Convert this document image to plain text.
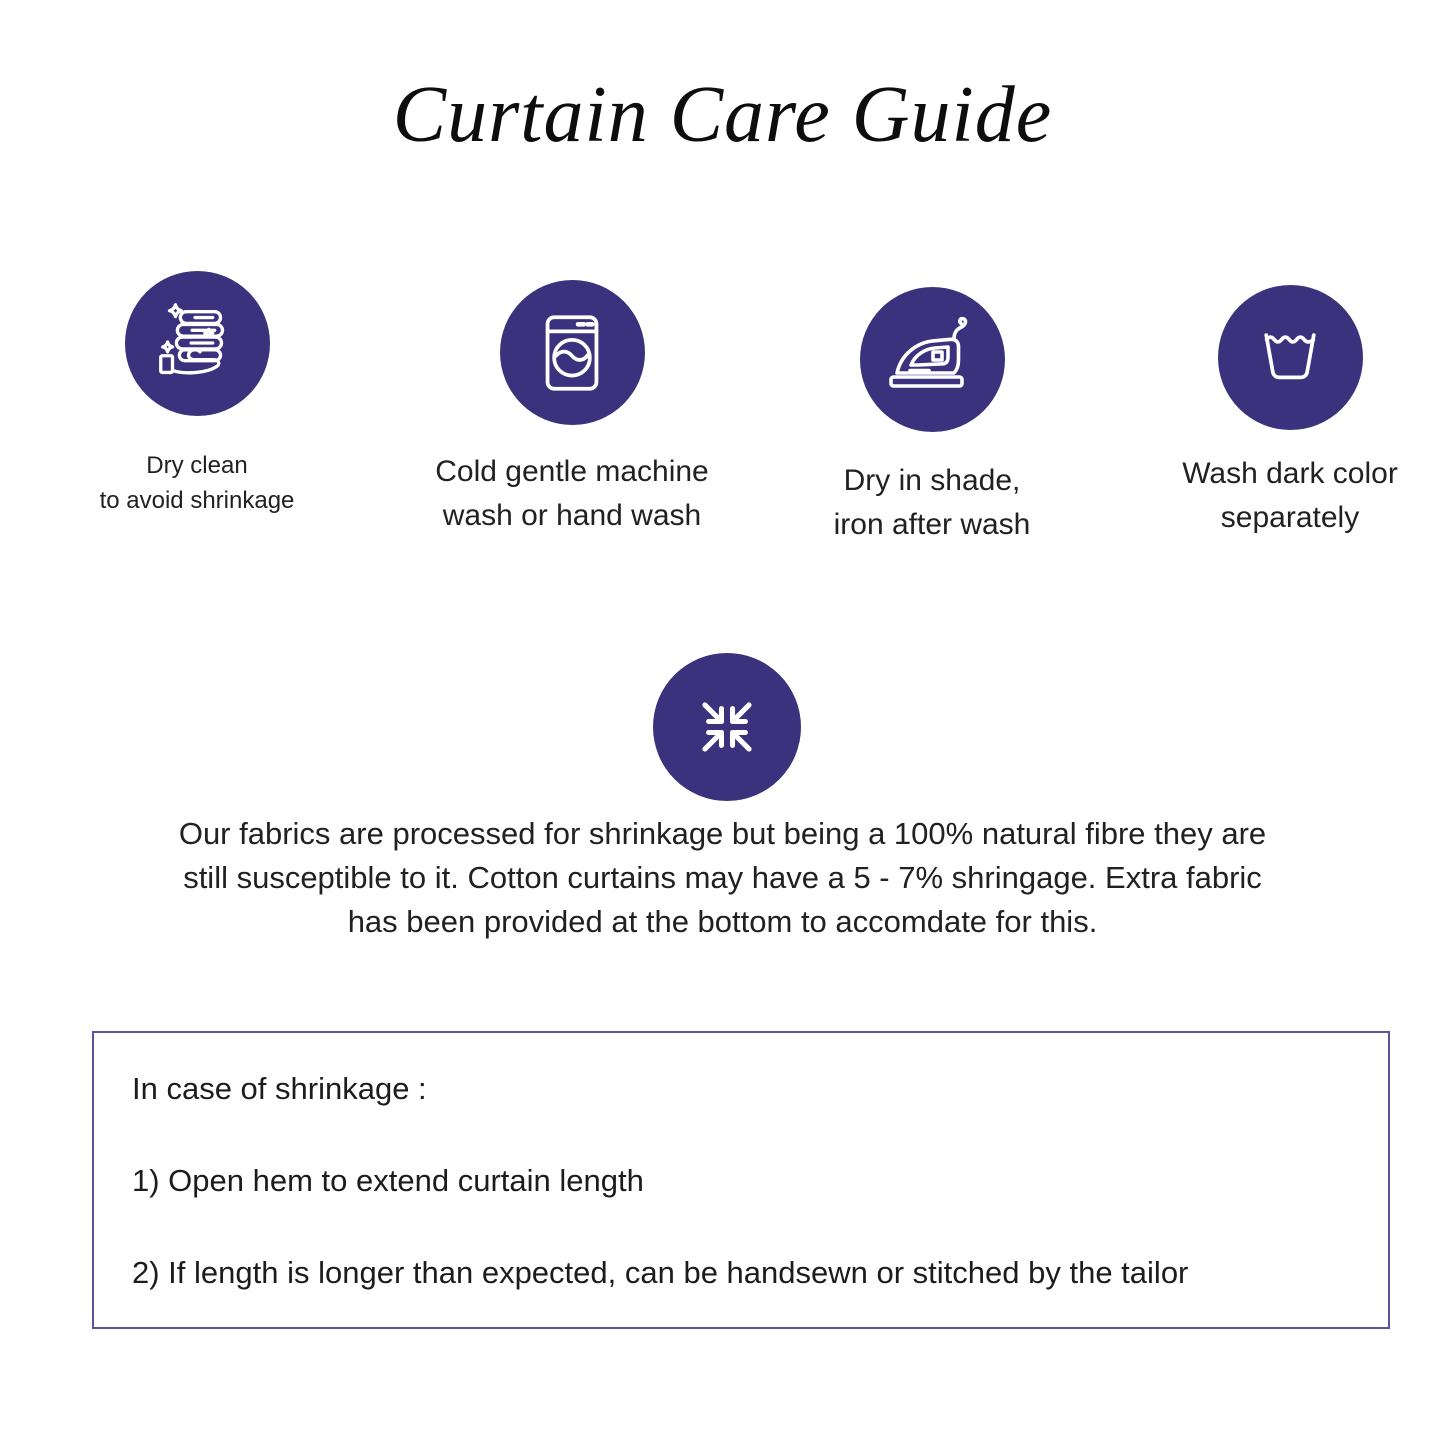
Curtain Care Guide
Dry clean
to avoid shrinkage
Cold gentle machine
wash or hand wash
Dry in shade,
iron after wash
Wash dark color
separately
Our fabrics are processed for shrinkage but being a 100% natural fibre they are
still susceptible to it. Cotton curtains may have a 5 - 7% shringage. Extra fabric
has been provided at the bottom to accomdate for this.
In case of shrinkage :
1) Open hem to extend curtain length
2) If length is longer than expected, can be handsewn or stitched by the tailor
